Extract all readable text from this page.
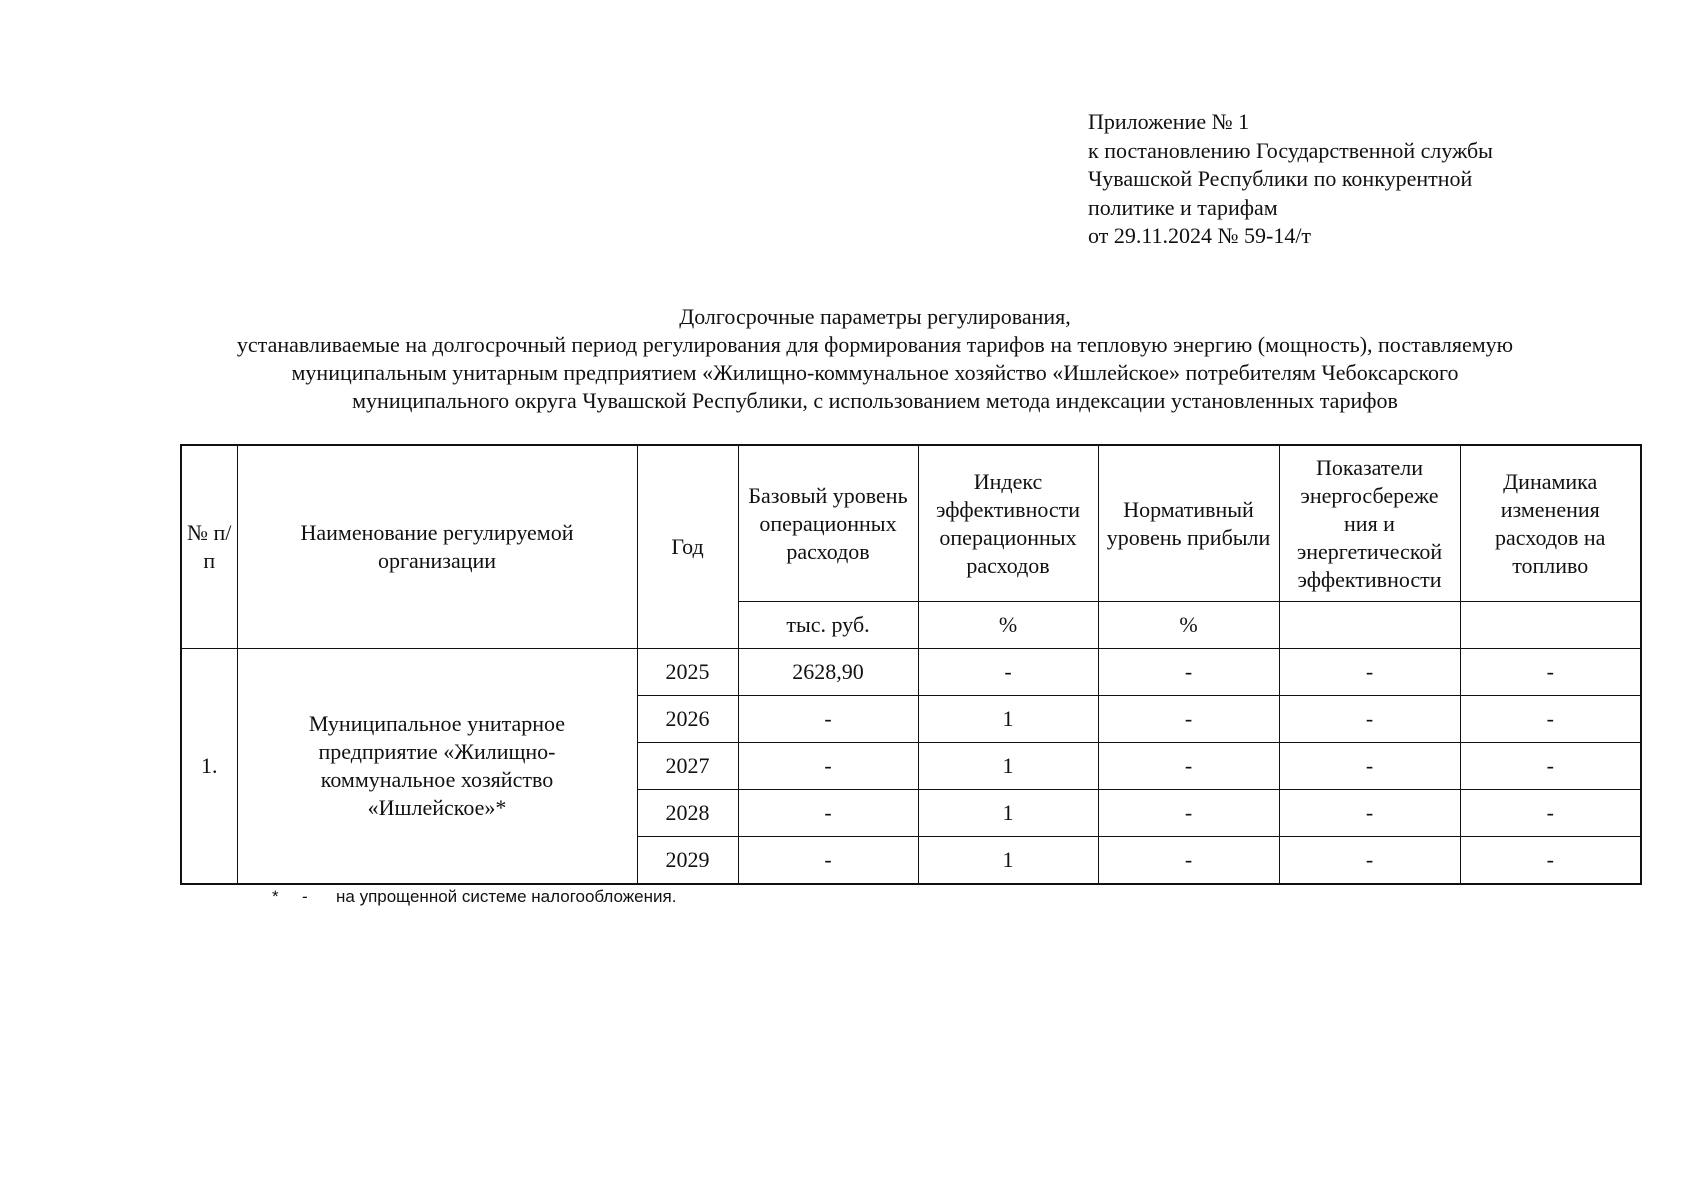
Приложение № 1
к постановлению Государственной службы
Чувашской Республики по конкурентной
политике и тарифам
от 29.11.2024 № 59-14/т
Долгосрочные параметры регулирования,
устанавливаемые на долгосрочный период регулирования для формирования тарифов на тепловую энергию (мощность), поставляемую
муниципальным унитарным предприятием «Жилищно-коммунальное хозяйство «Ишлейское» потребителям Чебоксарского
муниципального округа Чувашской Республики, с использованием метода индексации установленных тарифов
№ п/п	Наименование регулируемой организации	Год	Базовый уровень операционных расходов	Индекс эффективности операционных расходов	Нормативный уровень прибыли	Показатели энергосбереже ния и энергетической эффективности	Динамика изменения расходов на топливо
			тыс. руб.	%	%		
1.	Муниципальное унитарное предприятие «Жилищно-коммунальное хозяйство «Ишлейское»*	2025	2628,90	-	-	-	-
		2026	-	1	-	-	-
		2027	-	1	-	-	-
		2028	-	1	-	-	-
		2029	-	1	-	-	-
* - на упрощенной системе налогообложения.
